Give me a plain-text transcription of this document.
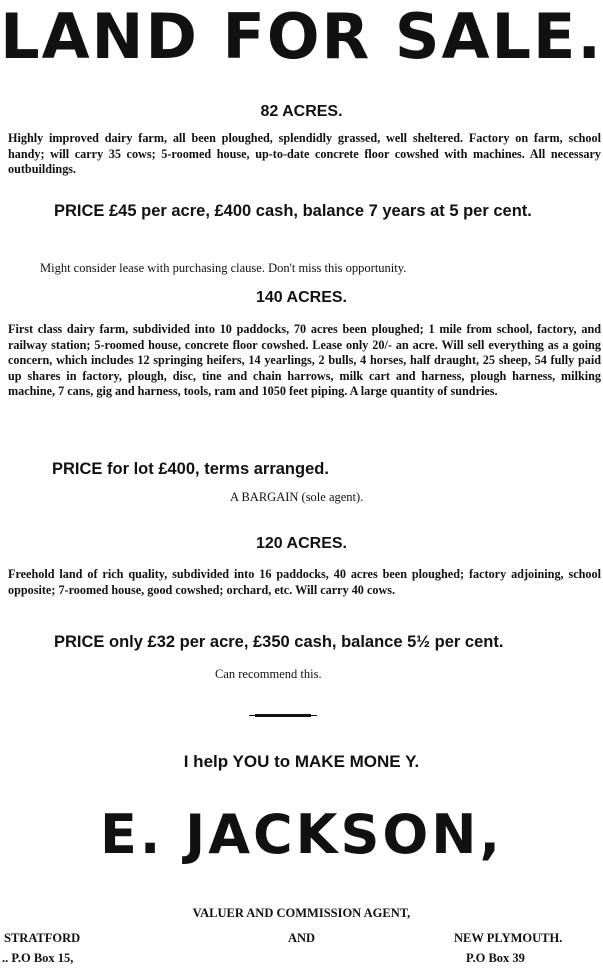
LAND FOR SALE.
82 ACRES.
Highly improved dairy farm, all been ploughed, splendidly grassed, well sheltered. Factory on farm, school handy; will carry 35 cows; 5-roomed house, up-to-date concrete floor cowshed with machines. All necessary outbuildings.
PRICE £45 per acre, £400 cash, balance 7 years at 5 per cent.
Might consider lease with purchasing clause. Don't miss this opportunity.
140 ACRES.
First class dairy farm, subdivided into 10 paddocks, 70 acres been ploughed; 1 mile from school, factory, and railway station; 5-roomed house, concrete floor cowshed. Lease only 20/- an acre. Will sell everything as a going concern, which includes 12 springing heifers, 14 yearlings, 2 bulls, 4 horses, half draught, 25 sheep, 54 fully paid up shares in factory, plough, disc, tine and chain harrows, milk cart and harness, plough harness, milking machine, 7 cans, gig and harness, tools, ram and 1050 feet piping. A large quantity of sundries.
PRICE for lot £400, terms arranged.
A BARGAIN (sole agent).
120 ACRES.
Freehold land of rich quality, subdivided into 16 paddocks, 40 acres been ploughed; factory adjoining, school opposite; 7-roomed house, good cowshed; orchard, etc. Will carry 40 cows.
PRICE only £32 per acre, £350 cash, balance 5½ per cent.
Can recommend this.
I help YOU to MAKE MONE Y.
E. JACKSON,
VALUER AND COMMISSION AGENT,
AND
STRATFORD
.. P.O Box 15,
NEW PLYMOUTH.
P.O Box 39
